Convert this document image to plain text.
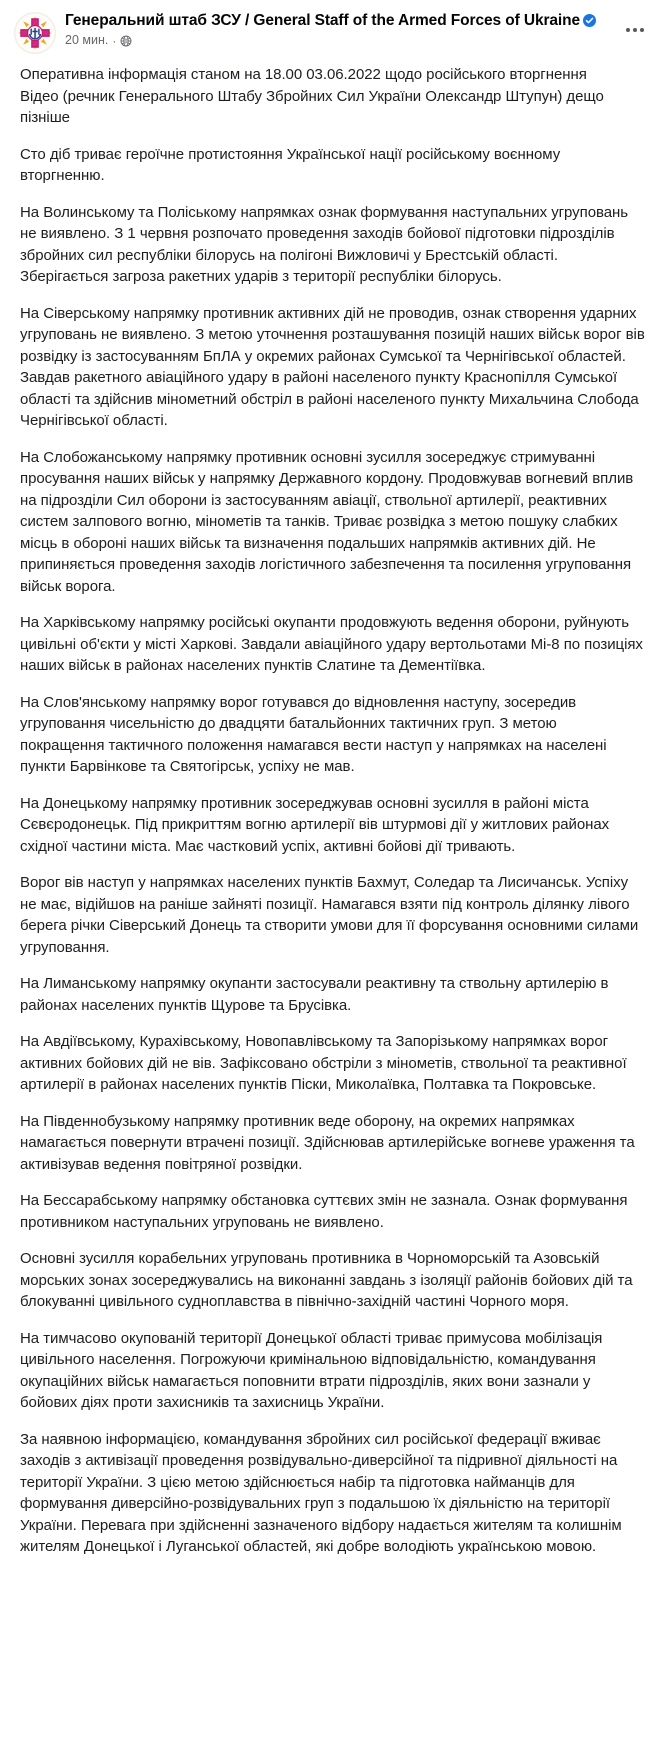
Генеральний штаб ЗСУ / General Staff of the Armed Forces of Ukraine
20 мин. ·

Оперативна інформація станом на 18.00 03.06.2022 щодо російського вторгнення

Відео (речник Генерального Штабу Збройних Сил України Олександр Штупун) дещо пізніше

Сто діб триває героїчне протистояння Української нації російському воєнному вторгненню.

На Волинському та Поліському напрямках ознак формування наступальних угруповань не виявлено. З 1 червня розпочато проведення заходів бойової підготовки підрозділів збройних сил республіки білорусь на полігоні Вижловичі у Брестській області. Зберігається загроза ракетних ударів з території республіки білорусь.

На Сіверському напрямку противник активних дій не проводив, ознак створення ударних угруповань не виявлено. З метою уточнення розташування позицій наших військ ворог вів розвідку із застосуванням БпЛА у окремих районах Сумської та Чернігівської областей. Завдав ракетного авіаційного удару в районі населеного пункту Краснопілля Сумської області та здійснив мінометний обстріл в районі населеного пункту Михальчина Слобода Чернігівської області.

На Слобожанському напрямку противник основні зусилля зосереджує стримуванні просування наших військ у напрямку Державного кордону. Продовжував вогневий вплив на підрозділи Сил оборони із застосуванням авіації, ствольної артилерії, реактивних систем залпового вогню, мінометів та танків. Триває розвідка з метою пошуку слабких місць в обороні наших військ та визначення подальших напрямків активних дій. Не припиняється проведення заходів логістичного забезпечення та посилення угруповання військ ворога.

На Харківському напрямку російські окупанти продовжують ведення оборони, руйнують цивільні об'єкти у місті Харкові. Завдали авіаційного удару вертольотами Мі-8 по позиціях наших військ в районах населених пунктів Слатине та Дементіївка.

На Слов'янському напрямку ворог готувався до відновлення наступу, зосередив угруповання чисельністю до двадцяти батальйонних тактичних груп. З метою покращення тактичного положення намагався вести наступ у напрямках на населені пункти Барвінкове та Святогірськ, успіху не мав.

На Донецькому напрямку противник зосереджував основні зусилля в районі міста Сєвєродонецьк. Під прикриттям вогню артилерії вів штурмові дії у житлових районах східної частини міста. Має частковий успіх, активні бойові дії тривають.

Ворог вів наступ у напрямках населених пунктів Бахмут, Соледар та Лисичанськ. Успіху не має, відійшов на раніше зайняті позиції. Намагався взяти під контроль ділянку лівого берега річки Сіверський Донець та створити умови для її форсування основними силами угруповання.

На Лиманському напрямку окупанти застосували реактивну та ствольну артилерію в районах населених пунктів Щурове та Брусівка.

На Авдіївському, Курахівському, Новопавлівському та Запорізькому напрямках ворог активних бойових дій не вів. Зафіксовано обстріли з мінометів, ствольної та реактивної артилерії в районах населених пунктів Піски, Миколаївка, Полтавка та Покровське.

На Південнобузькому напрямку противник веде оборону, на окремих напрямках намагається повернути втрачені позиції. Здійснював артилерійське вогневе ураження та активізував ведення повітряної розвідки.

На Бессарабському напрямку обстановка суттєвих змін не зазнала. Ознак формування противником наступальних угруповань не виявлено.

Основні зусилля корабельних угруповань противника в Чорноморській та Азовській морських зонах зосереджувались на виконанні завдань з ізоляції районів бойових дій та блокуванні цивільного судноплавства в північно-західній частині Чорного моря.

На тимчасово окупованій території Донецької області триває примусова мобілізація цивільного населення. Погрожуючи кримінальною відповідальністю, командування окупаційних військ намагається поповнити втрати підрозділів, яких вони зазнали у бойових діях проти захисників та захисниць України.

За наявною інформацією, командування збройних сил російської федерації вживає заходів з активізації проведення розвідувально-диверсійної та підривної діяльності на території України. З цією метою здійснюється набір та підготовка найманців для формування диверсійно-розвідувальних груп з подальшою їх діяльністю на території України. Перевага при здійсненні зазначеного відбору надається жителям та колишнім жителям Донецької і Луганської областей, які добре володіють українською мовою.
